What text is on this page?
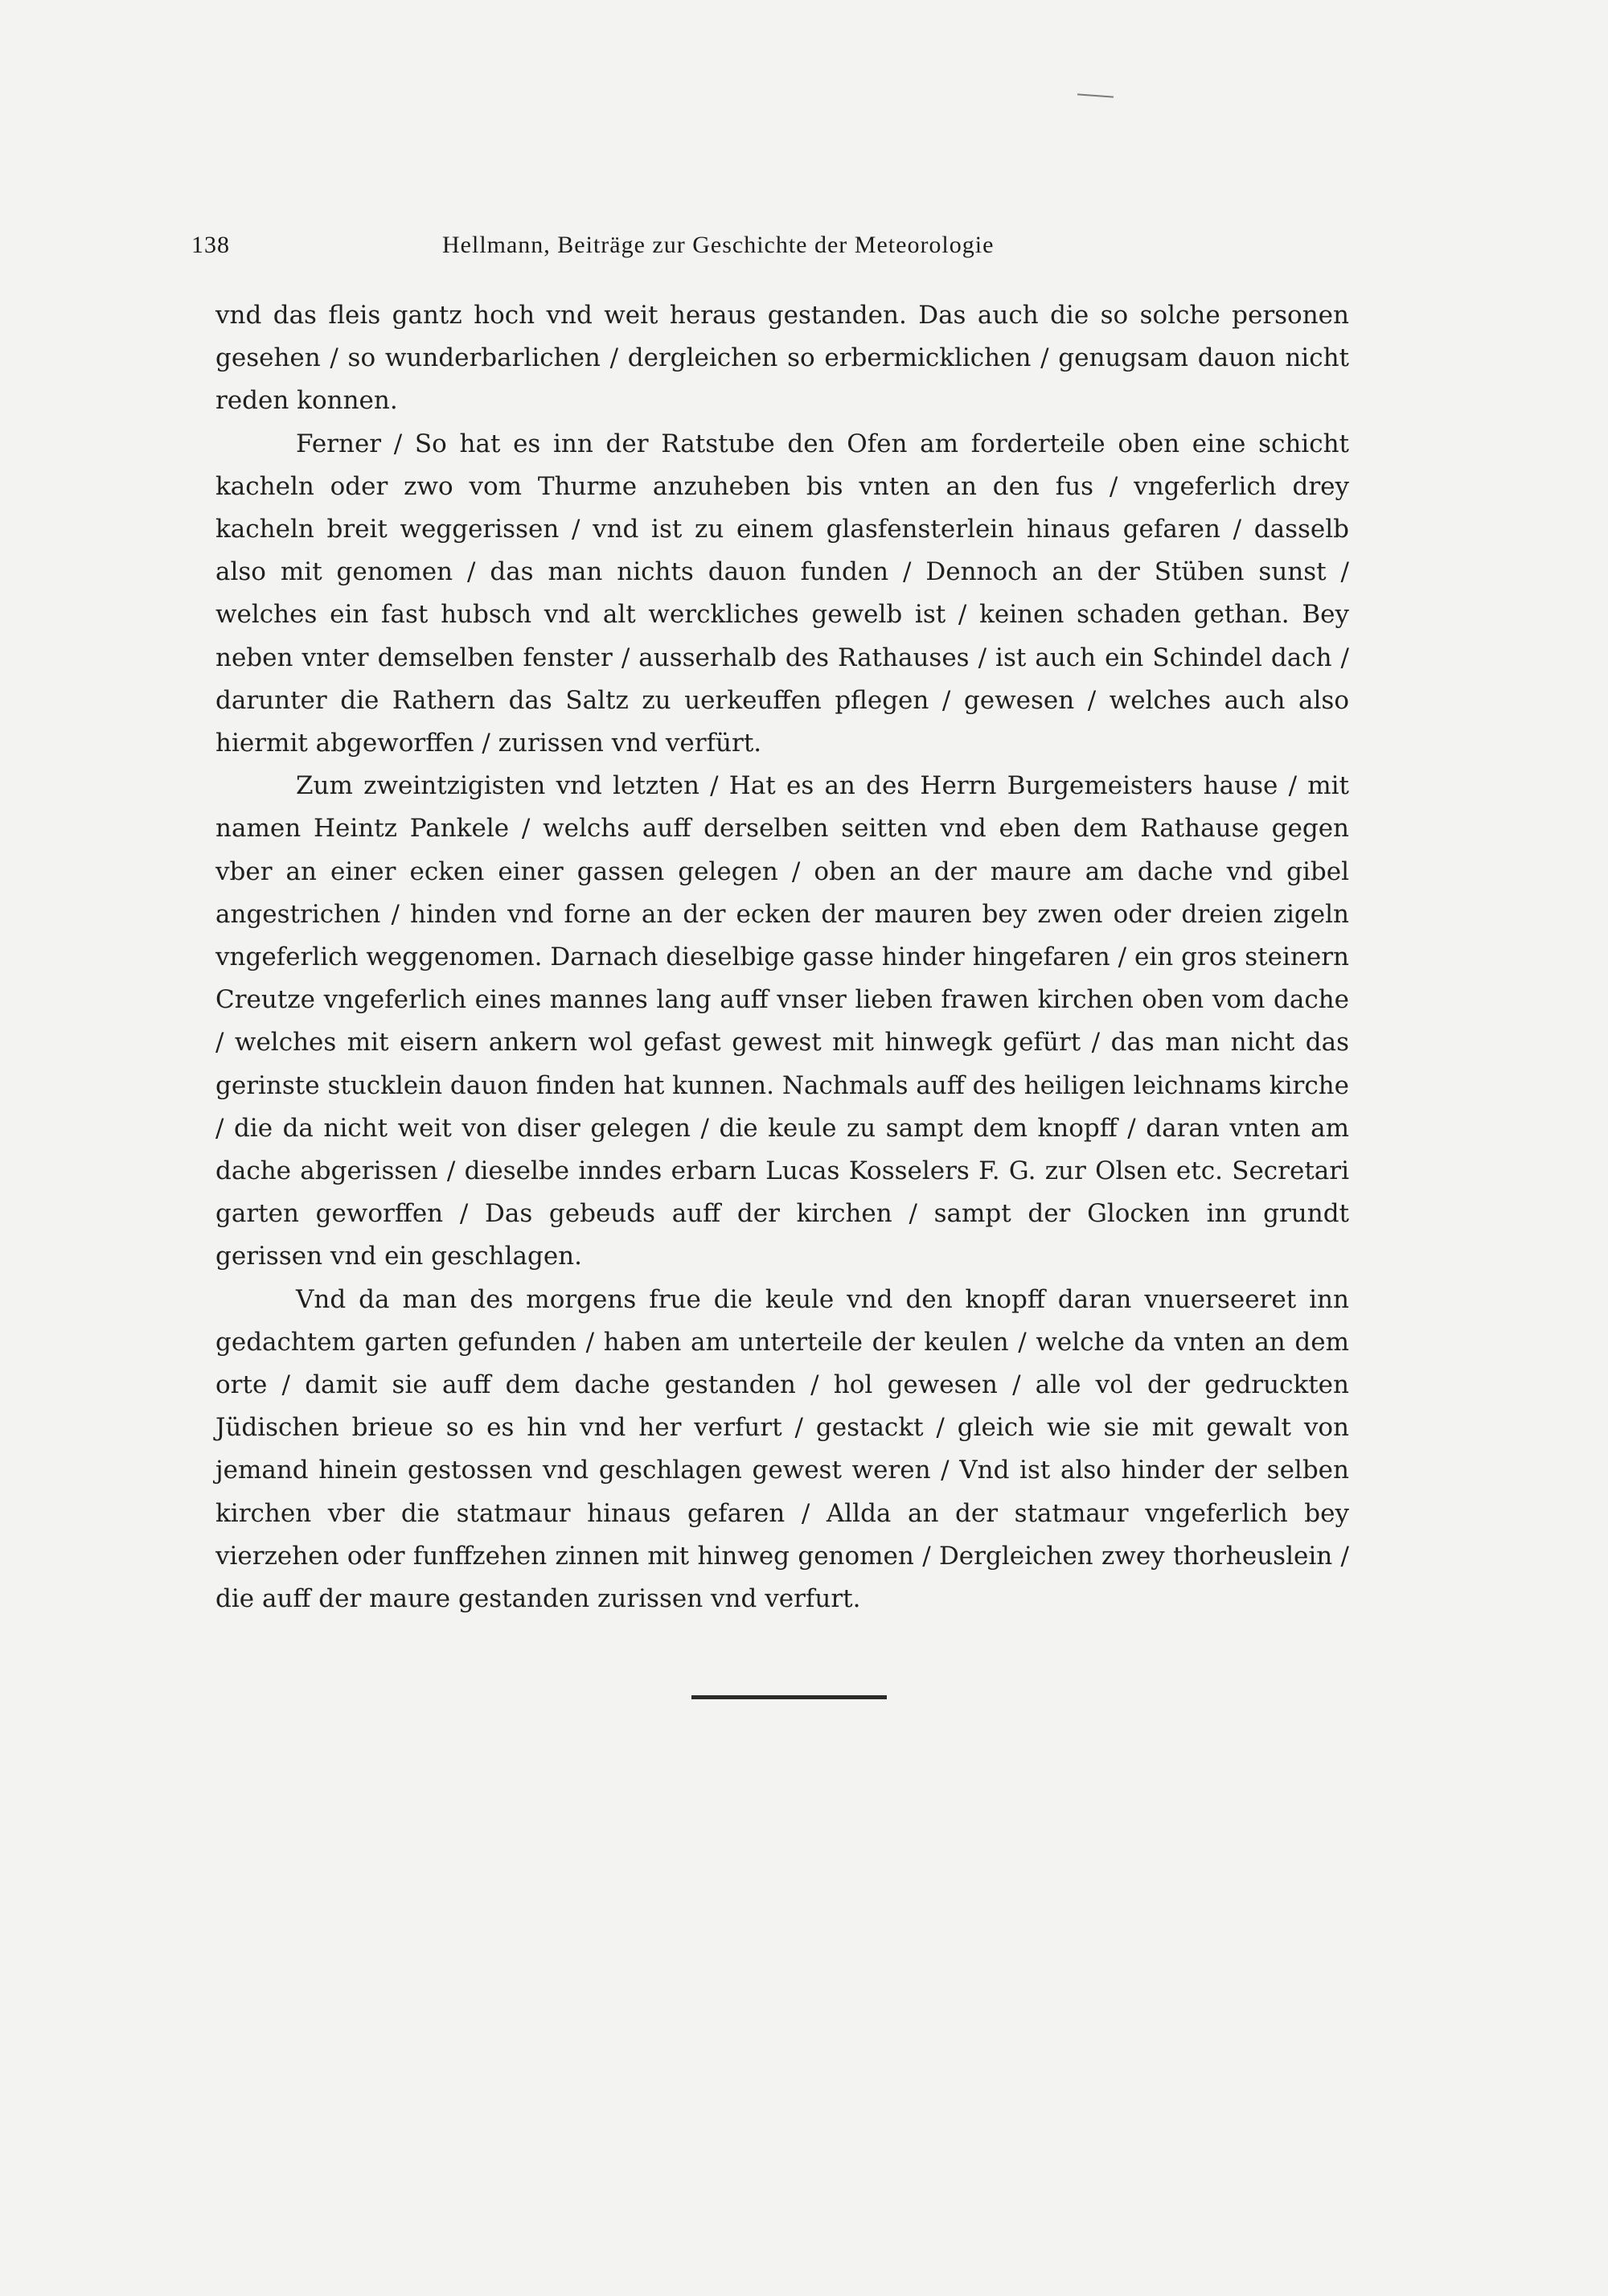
138	Hellmann, Beiträge zur Geschichte der Meteorologie

vnd das fleis gantz hoch vnd weit heraus gestanden. Das auch die so solche personen gesehen / so wunderbarlichen / dergleichen so erbermicklichen / genugsam dauon nicht reden konnen.

Ferner / So hat es inn der Ratstube den Ofen am forderteile oben eine schicht kacheln oder zwo vom Thurme anzuheben bis vnten an den fus / vngeferlich drey kacheln breit weggerissen / vnd ist zu einem glasfensterlein hinaus gefaren / dasselb also mit genomen / das man nichts dauon funden / Dennoch an der Stüben sunst / welches ein fast hubsch vnd alt werckliches gewelb ist / keinen schaden gethan. Bey neben vnter demselben fenster / ausserhalb des Rathauses / ist auch ein Schindel dach / darunter die Rathern das Saltz zu uerkeuffen pflegen / gewesen / welches auch also hiermit abgeworffen / zurissen vnd verfürt.

Zum zweintzigisten vnd letzten / Hat es an des Herrn Burgemeisters hause / mit namen Heintz Pankele / welchs auff derselben seitten vnd eben dem Rathause gegen vber an einer ecken einer gassen gelegen / oben an der maure am dache vnd gibel angestrichen / hinden vnd forne an der ecken der mauren bey zwen oder dreien zigeln vngeferlich weggenomen. Darnach dieselbige gasse hinder hingefaren / ein gros steinern Creutze vngeferlich eines mannes lang auff vnser lieben frawen kirchen oben vom dache / welches mit eisern ankern wol gefast gewest mit hinwegk gefürt / das man nicht das gerinste stucklein dauon finden hat kunnen. Nachmals auff des heiligen leichnams kirche / die da nicht weit von diser gelegen / die keule zu sampt dem knopff / daran vnten am dache abgerissen / dieselbe inndes erbarn Lucas Kosselers F. G. zur Olsen etc. Secretari garten geworffen / Das gebeuds auff der kirchen / sampt der Glocken inn grundt gerissen vnd ein geschlagen.

Vnd da man des morgens frue die keule vnd den knopff daran vnuerseeret inn gedachtem garten gefunden / haben am unterteile der keulen / welche da vnten an dem orte / damit sie auff dem dache gestanden / hol gewesen / alle vol der gedruckten Jüdischen brieue so es hin vnd her verfurt / gestackt / gleich wie sie mit gewalt von jemand hinein gestossen vnd geschlagen gewest weren / Vnd ist also hinder der selben kirchen vber die statmaur hinaus gefaren / Allda an der statmaur vngeferlich bey vierzehen oder funffzehen zinnen mit hinweg genomen / Dergleichen zwey thorheuslein / die auff der maure gestanden zurissen vnd verfurt.
